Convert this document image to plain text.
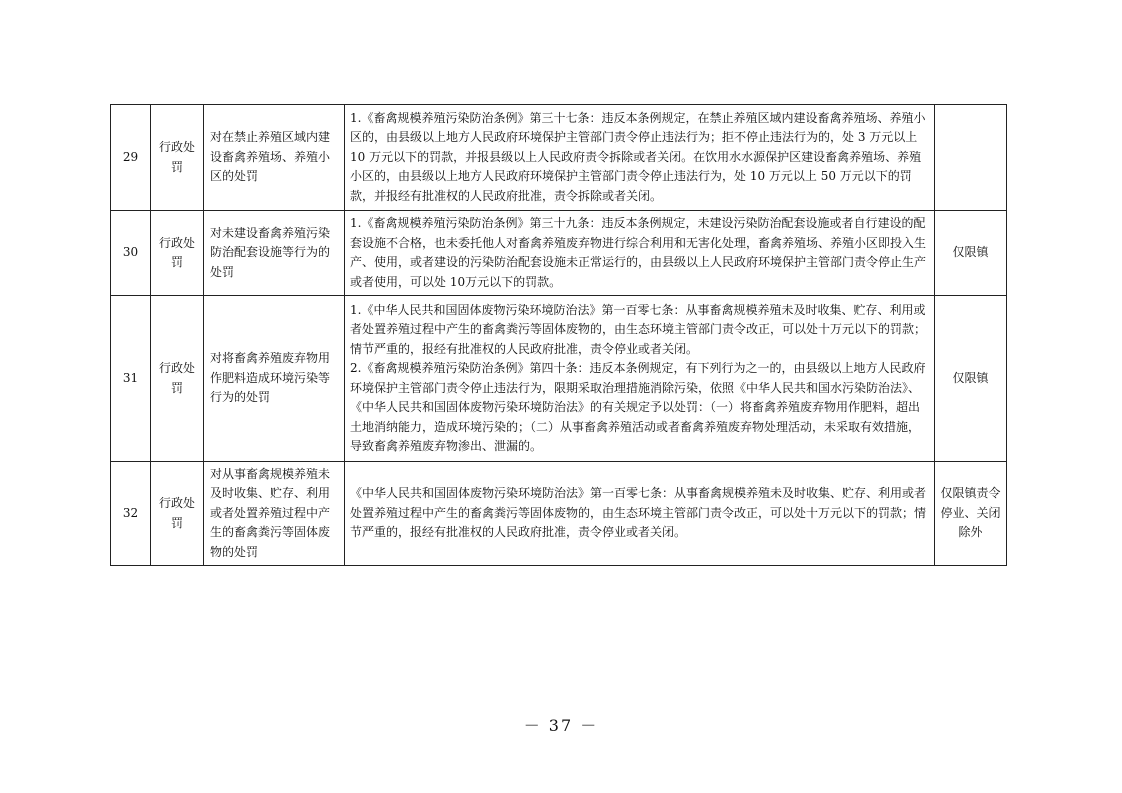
29	行政处罚	对在禁止养殖区域内建设畜禽养殖场、养殖小区的处罚	1.《畜禽规模养殖污染防治条例》第三十七条：违反本条例规定，在禁止养殖区域内建设畜禽养殖场、养殖小区的，由县级以上地方人民政府环境保护主管部门责令停止违法行为；拒不停止违法行为的，处 3 万元以上 10 万元以下的罚款，并报县级以上人民政府责令拆除或者关闭。在饮用水水源保护区建设畜禽养殖场、养殖小区的，由县级以上地方人民政府环境保护主管部门责令停止违法行为，处 10 万元以上 50 万元以下的罚款，并报经有批准权的人民政府批准，责令拆除或者关闭。	

30	行政处罚	对未建设畜禽养殖污染防治配套设施等行为的处罚	1.《畜禽规模养殖污染防治条例》第三十九条：违反本条例规定，未建设污染防治配套设施或者自行建设的配套设施不合格，也未委托他人对畜禽养殖废弃物进行综合利用和无害化处理，畜禽养殖场、养殖小区即投入生产、使用，或者建设的污染防治配套设施未正常运行的，由县级以上人民政府环境保护主管部门责令停止生产或者使用，可以处 10万元以下的罚款。	仅限镇
31	行政处罚	对将畜禽养殖废弃物用作肥料造成环境污染等行为的处罚	1.《中华人民共和国固体废物污染环境防治法》第一百零七条：从事畜禽规模养殖未及时收集、贮存、利用或者处置养殖过程中产生的畜禽粪污等固体废物的，由生态环境主管部门责令改正，可以处十万元以下的罚款；情节严重的，报经有批准权的人民政府批准，责令停业或者关闭。
2.《畜禽规模养殖污染防治条例》第四十条：违反本条例规定，有下列行为之一的，由县级以上地方人民政府环境保护主管部门责令停止违法行为，限期采取治理措施消除污染，依照《中华人民共和国水污染防治法》、《中华人民共和国固体废物污染环境防治法》的有关规定予以处罚：（一）将畜禽养殖废弃物用作肥料，超出土地消纳能力，造成环境污染的；（二）从事畜禽养殖活动或者畜禽养殖废弃物处理活动，未采取有效措施，导致畜禽养殖废弃物渗出、泄漏的。	仅限镇
32	行政处罚	对从事畜禽规模养殖未及时收集、贮存、利用或者处置养殖过程中产生的畜禽粪污等固体废物的处罚	《中华人民共和国固体废物污染环境防治法》第一百零七条：从事畜禽规模养殖未及时收集、贮存、利用或者处置养殖过程中产生的畜禽粪污等固体废物的，由生态环境主管部门责令改正，可以处十万元以下的罚款；情节严重的，报经有批准权的人民政府批准，责令停业或者关闭。	仅限镇责令停业、关闭除外
－ 37 －
